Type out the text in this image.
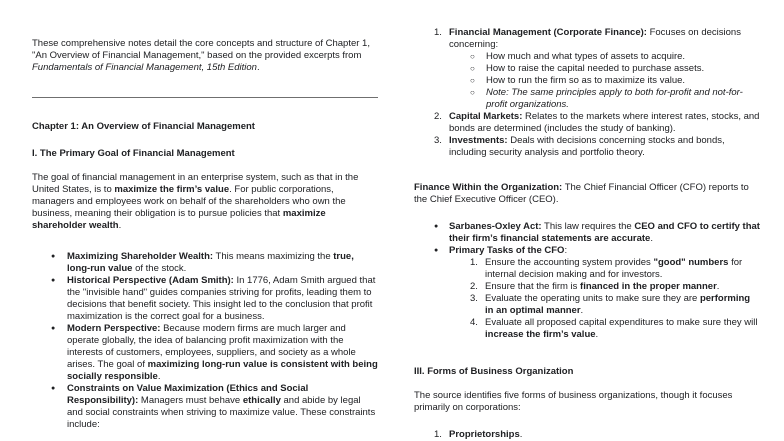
These comprehensive notes detail the core concepts and structure of Chapter 1, "An Overview of Financial Management," based on the provided excerpts from Fundamentals of Financial Management, 15th Edition.

Chapter 1: An Overview of Financial Management

I. The Primary Goal of Financial Management

The goal of financial management in an enterprise system, such as that in the United States, is to maximize the firm’s value. For public corporations, managers and employees work on behalf of the shareholders who own the business, meaning their obligation is to pursue policies that maximize shareholder wealth.

● Maximizing Shareholder Wealth: This means maximizing the true, long-run value of the stock.

● Historical Perspective (Adam Smith): In 1776, Adam Smith argued that the "invisible hand" guides companies striving for profits, leading them to decisions that benefit society. This insight led to the conclusion that profit maximization is the correct goal for a business.

● Modern Perspective: Because modern firms are much larger and operate globally, the idea of balancing profit maximization with the interests of customers, employees, suppliers, and society as a whole arises. The goal of maximizing long-run value is consistent with being socially responsible.

● Constraints on Value Maximization (Ethics and Social Responsibility): Managers must behave ethically and abide by legal and social constraints when striving to maximize value. These constraints include:

1. Financial Management (Corporate Finance): Focuses on decisions concerning:

○ How much and what types of assets to acquire.

○ How to raise the capital needed to purchase assets.

○ How to run the firm so as to maximize its value.

○ Note: The same principles apply to both for-profit and not-for-profit organizations.

2. Capital Markets: Relates to the markets where interest rates, stocks, and bonds are determined (includes the study of banking).

3. Investments: Deals with decisions concerning stocks and bonds, including security analysis and portfolio theory.

Finance Within the Organization: The Chief Financial Officer (CFO) reports to the Chief Executive Officer (CEO).

● Sarbanes-Oxley Act: This law requires the CEO and CFO to certify that their firm’s financial statements are accurate.

● Primary Tasks of the CFO:

1. Ensure the accounting system provides "good" numbers for internal decision making and for investors.

2. Ensure that the firm is financed in the proper manner.

3. Evaluate the operating units to make sure they are performing in an optimal manner.

4. Evaluate all proposed capital expenditures to make sure they will increase the firm’s value.

III. Forms of Business Organization

The source identifies five forms of business organizations, though it focuses primarily on corporations:

1. Proprietorships.
